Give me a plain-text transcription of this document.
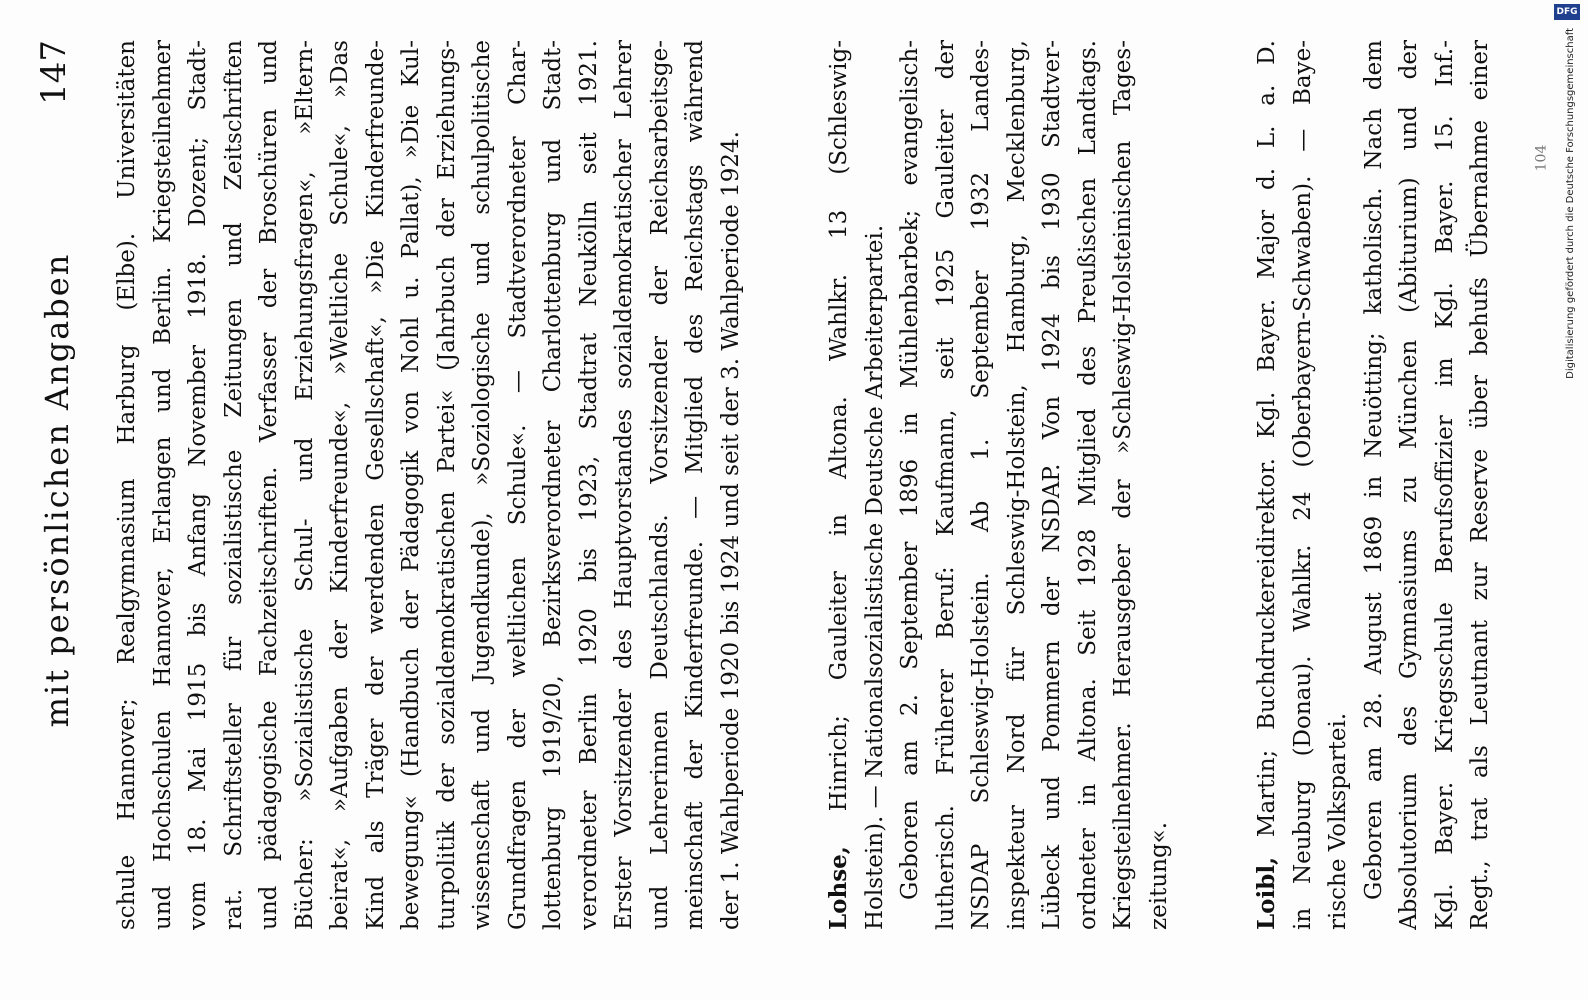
mit persönlichen Angaben
147 schule Hannover; Realgymnasium Harburg (Elbe). Universitäten und Hochschulen Hannover, Erlangen und Berlin. Kriegsteilnehmer vom 18. Mai 1915 bis Anfang November 1918. Dozent; Stadt- rat. Schriftsteller für sozialistische Zeitungen und Zeitschriften und pädagogische Fachzeitschriften. Verfasser der Broschüren und Bücher: »Sozialistische Schul- und Erziehungsfragen«, »Eltern- beirat«, »Aufgaben der Kinderfreunde«, »Weltliche Schule«, »Das Kind als Träger der werdenden Gesellschaft«, »Die Kinderfreunde- bewegung« (Handbuch der Pädagogik von Nohl u. Pallat), »Die Kul- turpolitik der sozialdemokratischen Partei« (Jahrbuch der Erziehungs- wissenschaft und Jugendkunde), »Soziologische und schulpolitische Grundfragen der weltlichen Schule«. — Stadtverordneter Char- lottenburg 1919/20, Bezirksverordneter Charlottenburg und Stadt- verordneter Berlin 1920 bis 1923, Stadtrat Neukölln seit 1921. Erster Vorsitzender des Hauptvorstandes sozialdemokratischer Lehrer und Lehrerinnen Deutschlands. Vorsitzender der Reichsarbeitsge- meinschaft der Kinderfreunde. — Mitglied des Reichstags während der 1. Wahlperiode 1920 bis 1924 und seit der 3. Wahlperiode 1924.	Lohse, Hinrich; Gauleiter in Altona. Wahlkr. 13 (Schleswig- Holstein). — Nationalsozialistische Deutsche Arbeiterpartei. Geboren am 2. September 1896 in Mühlenbarbek; evangelisch- lutherisch. Früherer Beruf: Kaufmann, seit 1925 Gauleiter der NSDAP Schleswig-Holstein. Ab 1. September 1932 Landes- inspekteur Nord für Schleswig-Holstein, Hamburg, Mecklenburg, Lübeck und Pommern der NSDAP. Von 1924 bis 1930 Stadtver- ordneter in Altona. Seit 1928 Mitglied des Preußischen Landtags. Kriegsteilnehmer. Herausgeber der »Schleswig-Holsteinischen Tages- zeitung«.	Loibl, Martin; Buchdruckereidirektor. Kgl. Bayer. Major d. L. a. D. in Neuburg (Donau). Wahlkr. 24 (Oberbayern-Schwaben). — Baye- rische Volkspartei. Geboren am 28. August 1869 in Neuötting; katholisch. Nach dem Absolutorium des Gymnasiums zu München (Abiturium) und der Kgl. Bayer. Kriegsschule Berufsoffizier im Kgl. Bayer. 15. Inf.- Regt., trat als Leutnant zur Reserve über behufs Übernahme einer	104
DFG
Digitalisierung gefördert durch die Deutsche Forschungsgemeinschaft
